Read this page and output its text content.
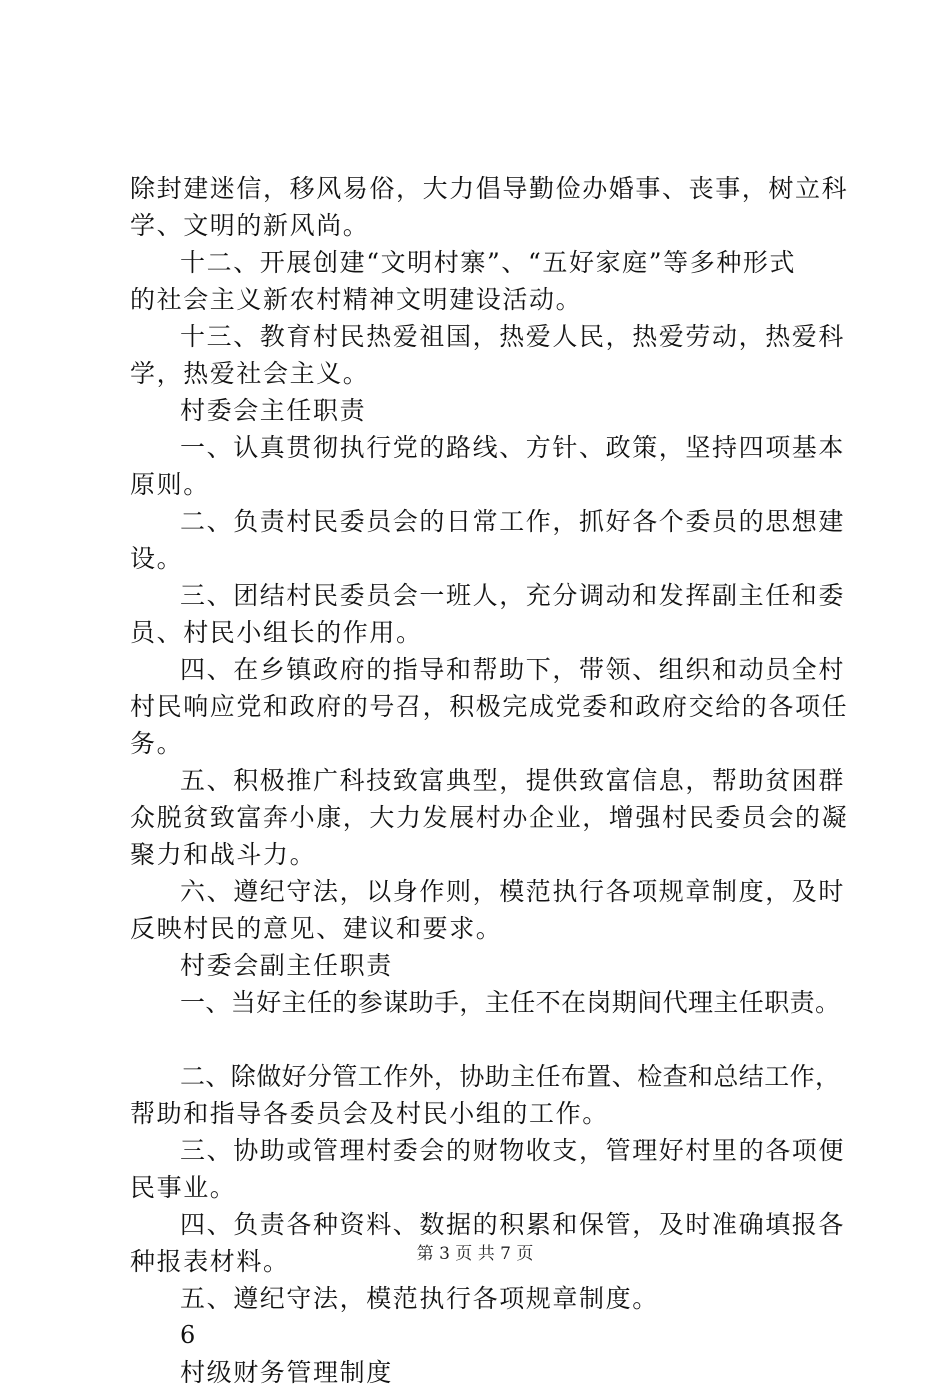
除封建迷信，移风易俗，大力倡导勤俭办婚事、丧事，树立科
学、文明的新风尚。
十二、开展创建“文明村寨”、“五好家庭”等多种形式
的社会主义新农村精神文明建设活动。
十三、教育村民热爱祖国，热爱人民，热爱劳动，热爱科
学，热爱社会主义。
村委会主任职责
一、认真贯彻执行党的路线、方针、政策，坚持四项基本
原则。
二、负责村民委员会的日常工作，抓好各个委员的思想建
设。
三、团结村民委员会一班人，充分调动和发挥副主任和委
员、村民小组长的作用。
四、在乡镇政府的指导和帮助下，带领、组织和动员全村
村民响应党和政府的号召，积极完成党委和政府交给的各项任
务。
五、积极推广科技致富典型，提供致富信息，帮助贫困群
众脱贫致富奔小康，大力发展村办企业，增强村民委员会的凝
聚力和战斗力。
六、遵纪守法，以身作则，模范执行各项规章制度，及时
反映村民的意见、建议和要求。
村委会副主任职责
一、当好主任的参谋助手，主任不在岗期间代理主任职责。
二、除做好分管工作外，协助主任布置、检查和总结工作，
帮助和指导各委员会及村民小组的工作。
三、协助或管理村委会的财物收支，管理好村里的各项便
民事业。
四、负责各种资料、数据的积累和保管，及时准确填报各
种报表材料。
五、遵纪守法，模范执行各项规章制度。
6
村级财务管理制度
第 3 页 共 7 页
